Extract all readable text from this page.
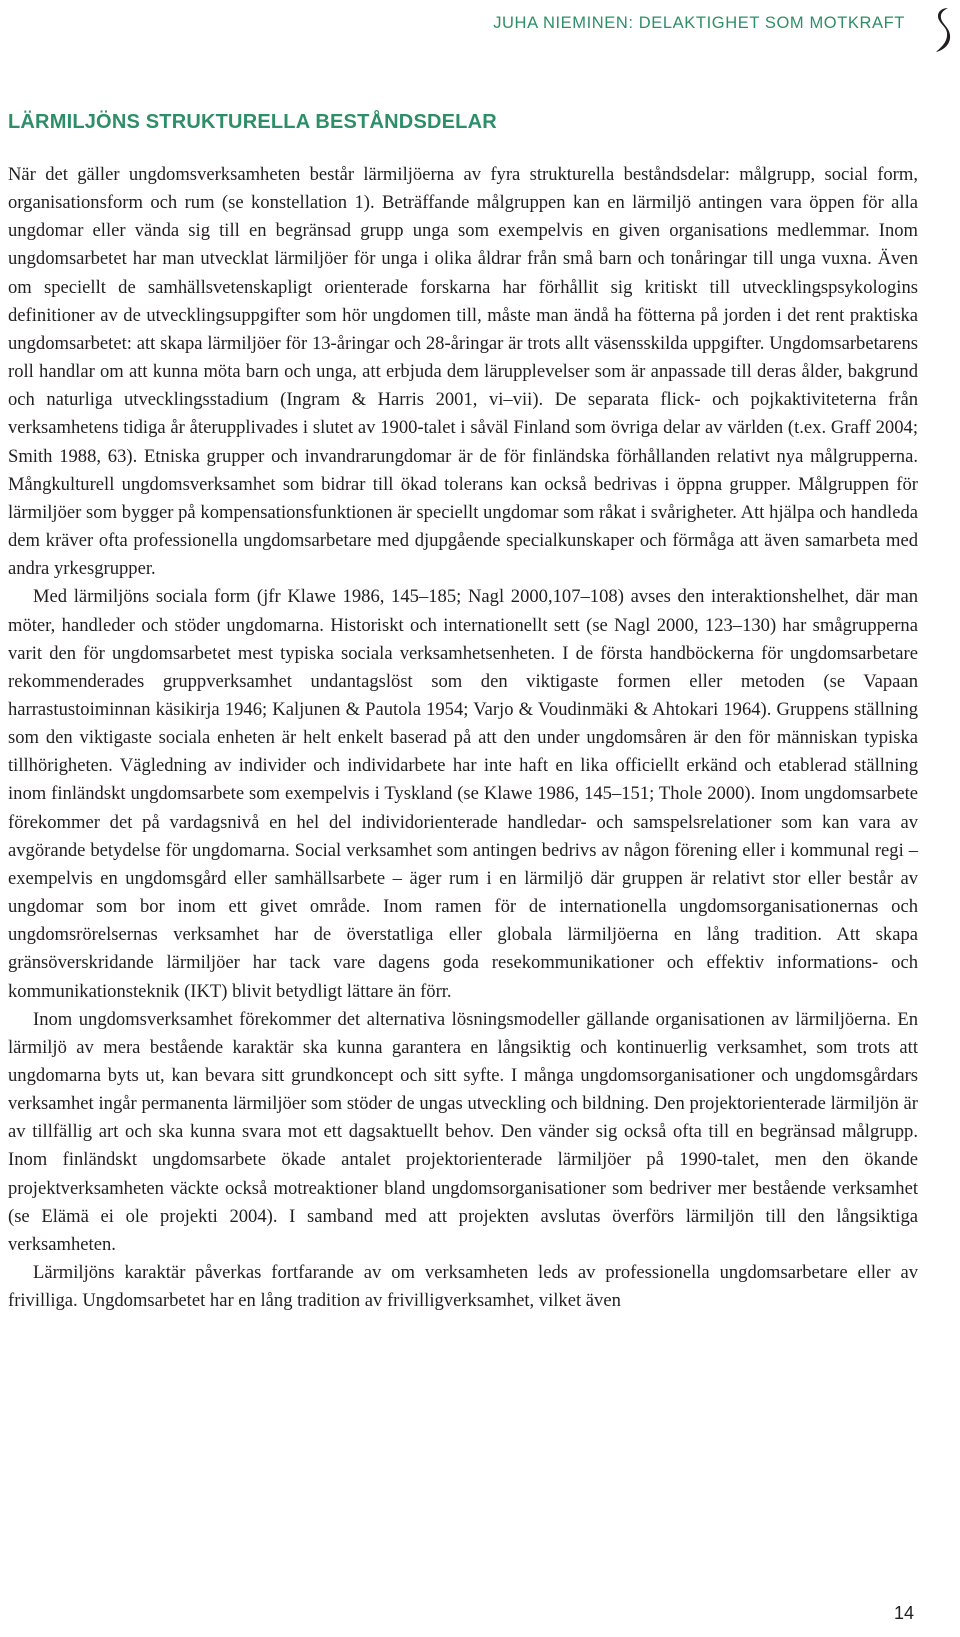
JUHA NIEMINEN: DELAKTIGHET SOM MOTKRAFT
LÄRMILJÖNS STRUKTURELLA BESTÅNDSDELAR

När det gäller ungdomsverksamheten består lärmiljöerna av fyra strukturella beståndsdelar: målgrupp, social form, organisationsform och rum (se konstellation 1). Beträffande målgruppen kan en lärmiljö antingen vara öppen för alla ungdomar eller vända sig till en begränsad grupp unga som exempelvis en given organisations medlemmar. Inom ungdomsarbetet har man utvecklat lärmiljöer för unga i olika åldrar från små barn och tonåringar till unga vuxna. Även om speciellt de samhällsvetenskapligt orienterade forskarna har förhållit sig kritiskt till utvecklingspsykologins definitioner av de utvecklingsuppgifter som hör ungdomen till, måste man ändå ha fötterna på jorden i det rent praktiska ungdomsarbetet: att skapa lärmiljöer för 13-åringar och 28-åringar är trots allt väsensskilda uppgifter. Ungdomsarbetarens roll handlar om att kunna möta barn och unga, att erbjuda dem lärupplevelser som är anpassade till deras ålder, bakgrund och naturliga utvecklingsstadium (Ingram & Harris 2001, vi–vii). De separata flick- och pojkaktiviteterna från verksamhetens tidiga år återupplivades i slutet av 1900-talet i såväl Finland som övriga delar av världen (t.ex. Graff 2004; Smith 1988, 63). Etniska grupper och invandrarungdomar är de för finländska förhållanden relativt nya målgrupperna. Mångkulturell ungdomsverksamhet som bidrar till ökad tolerans kan också bedrivas i öppna grupper. Målgruppen för lärmiljöer som bygger på kompensationsfunktionen är speciellt ungdomar som råkat i svårigheter. Att hjälpa och handleda dem kräver ofta professionella ungdomsarbetare med djupgående specialkunskaper och förmåga att även samarbeta med andra yrkesgrupper.

Med lärmiljöns sociala form (jfr Klawe 1986, 145–185; Nagl 2000,107–108) avses den interaktionshelhet, där man möter, handleder och stöder ungdomarna. Historiskt och internationellt sett (se Nagl 2000, 123–130) har smågrupperna varit den för ungdomsarbetet mest typiska sociala verksamhetsenheten. I de första handböckerna för ungdomsarbetare rekommenderades gruppverksamhet undantagslöst som den viktigaste formen eller metoden (se Vapaan harrastustoiminnan käsikirja 1946; Kaljunen & Pautola 1954; Varjo & Voudinmäki & Ahtokari 1964). Gruppens ställning som den viktigaste sociala enheten är helt enkelt baserad på att den under ungdomsåren är den för människan typiska tillhörigheten. Vägledning av individer och individarbete har inte haft en lika officiellt erkänd och etablerad ställning inom finländskt ungdomsarbete som exempelvis i Tyskland (se Klawe 1986, 145–151; Thole 2000). Inom ungdomsarbete förekommer det på vardagsnivå en hel del individorienterade handledar- och samspelsrelationer som kan vara av avgörande betydelse för ungdomarna. Social verksamhet som antingen bedrivs av någon förening eller i kommunal regi – exempelvis en ungdomsgård eller samhällsarbete – äger rum i en lärmiljö där gruppen är relativt stor eller består av ungdomar som bor inom ett givet område. Inom ramen för de internationella ungdomsorganisationernas och ungdomsrörelsernas verksamhet har de överstatliga eller globala lärmiljöerna en lång tradition. Att skapa gränsöverskridande lärmiljöer har tack vare dagens goda resekommunikationer och effektiv informations- och kommunikationsteknik (IKT) blivit betydligt lättare än förr.

Inom ungdomsverksamhet förekommer det alternativa lösningsmodeller gällande organisationen av lärmiljöerna. En lärmiljö av mera bestående karaktär ska kunna garantera en långsiktig och kontinuerlig verksamhet, som trots att ungdomarna byts ut, kan bevara sitt grundkoncept och sitt syfte. I många ungdomsorganisationer och ungdomsgårdars verksamhet ingår permanenta lärmiljöer som stöder de ungas utveckling och bildning. Den projektorienterade lärmiljön är av tillfällig art och ska kunna svara mot ett dagsaktuellt behov. Den vänder sig också ofta till en begränsad målgrupp. Inom finländskt ungdomsarbete ökade antalet projektorienterade lärmiljöer på 1990-talet, men den ökande projektverksamheten väckte också motreaktioner bland ungdomsorganisationer som bedriver mer bestående verksamhet (se Elämä ei ole projekti 2004). I samband med att projekten avslutas överförs lärmiljön till den långsiktiga verksamheten.

Lärmiljöns karaktär påverkas fortfarande av om verksamheten leds av professionella ungdomsarbetare eller av frivilliga. Ungdomsarbetet har en lång tradition av frivilligverksamhet, vilket även

14
